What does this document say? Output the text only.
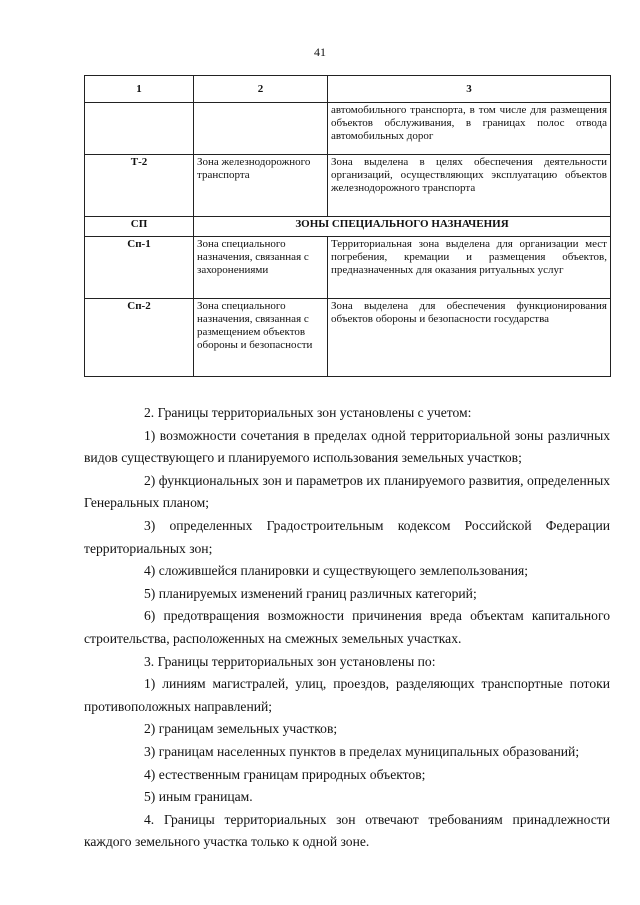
41
1	2	3
		автомобильного транспорта, в том числе для размещения объектов обслуживания, в границах полос отвода автомобильных дорог
Т-2	Зона железнодорожного транспорта	Зона выделена в целях обеспечения деятельности организаций, осуществляющих эксплуатацию объектов железнодорожного транспорта
СП	ЗОНЫ СПЕЦИАЛЬНОГО НАЗНАЧЕНИЯ	
Сп-1	Зона специального назначения, связанная с захоронениями	Территориальная зона выделена для организации мест погребения, кремации и размещения объектов, предназначенных для оказания ритуальных услуг
Сп-2	Зона специального назначения, связанная с размещением объектов обороны и безопасности	Зона выделена для обеспечения функционирования объектов обороны и безопасности государства

2. Границы территориальных зон установлены с учетом:

1) возможности сочетания в пределах одной территориальной зоны различных видов существующего и планируемого использования земельных участков;

2) функциональных зон и параметров их планируемого развития, определенных Генеральных планом;

3) определенных Градостроительным кодексом Российской Федерации территориальных зон;

4) сложившейся планировки и существующего землепользования;

5) планируемых изменений границ различных категорий;

6) предотвращения возможности причинения вреда объектам капитального строительства, расположенных на смежных земельных участках.

3. Границы территориальных зон установлены по:

1) линиям магистралей, улиц, проездов, разделяющих транспортные потоки противоположных направлений;

2) границам земельных участков;

3) границам населенных пунктов в пределах муниципальных образований;

4) естественным границам природных объектов;

5) иным границам.

4. Границы территориальных зон отвечают требованиям принадлежности каждого земельного участка только к одной зоне.
